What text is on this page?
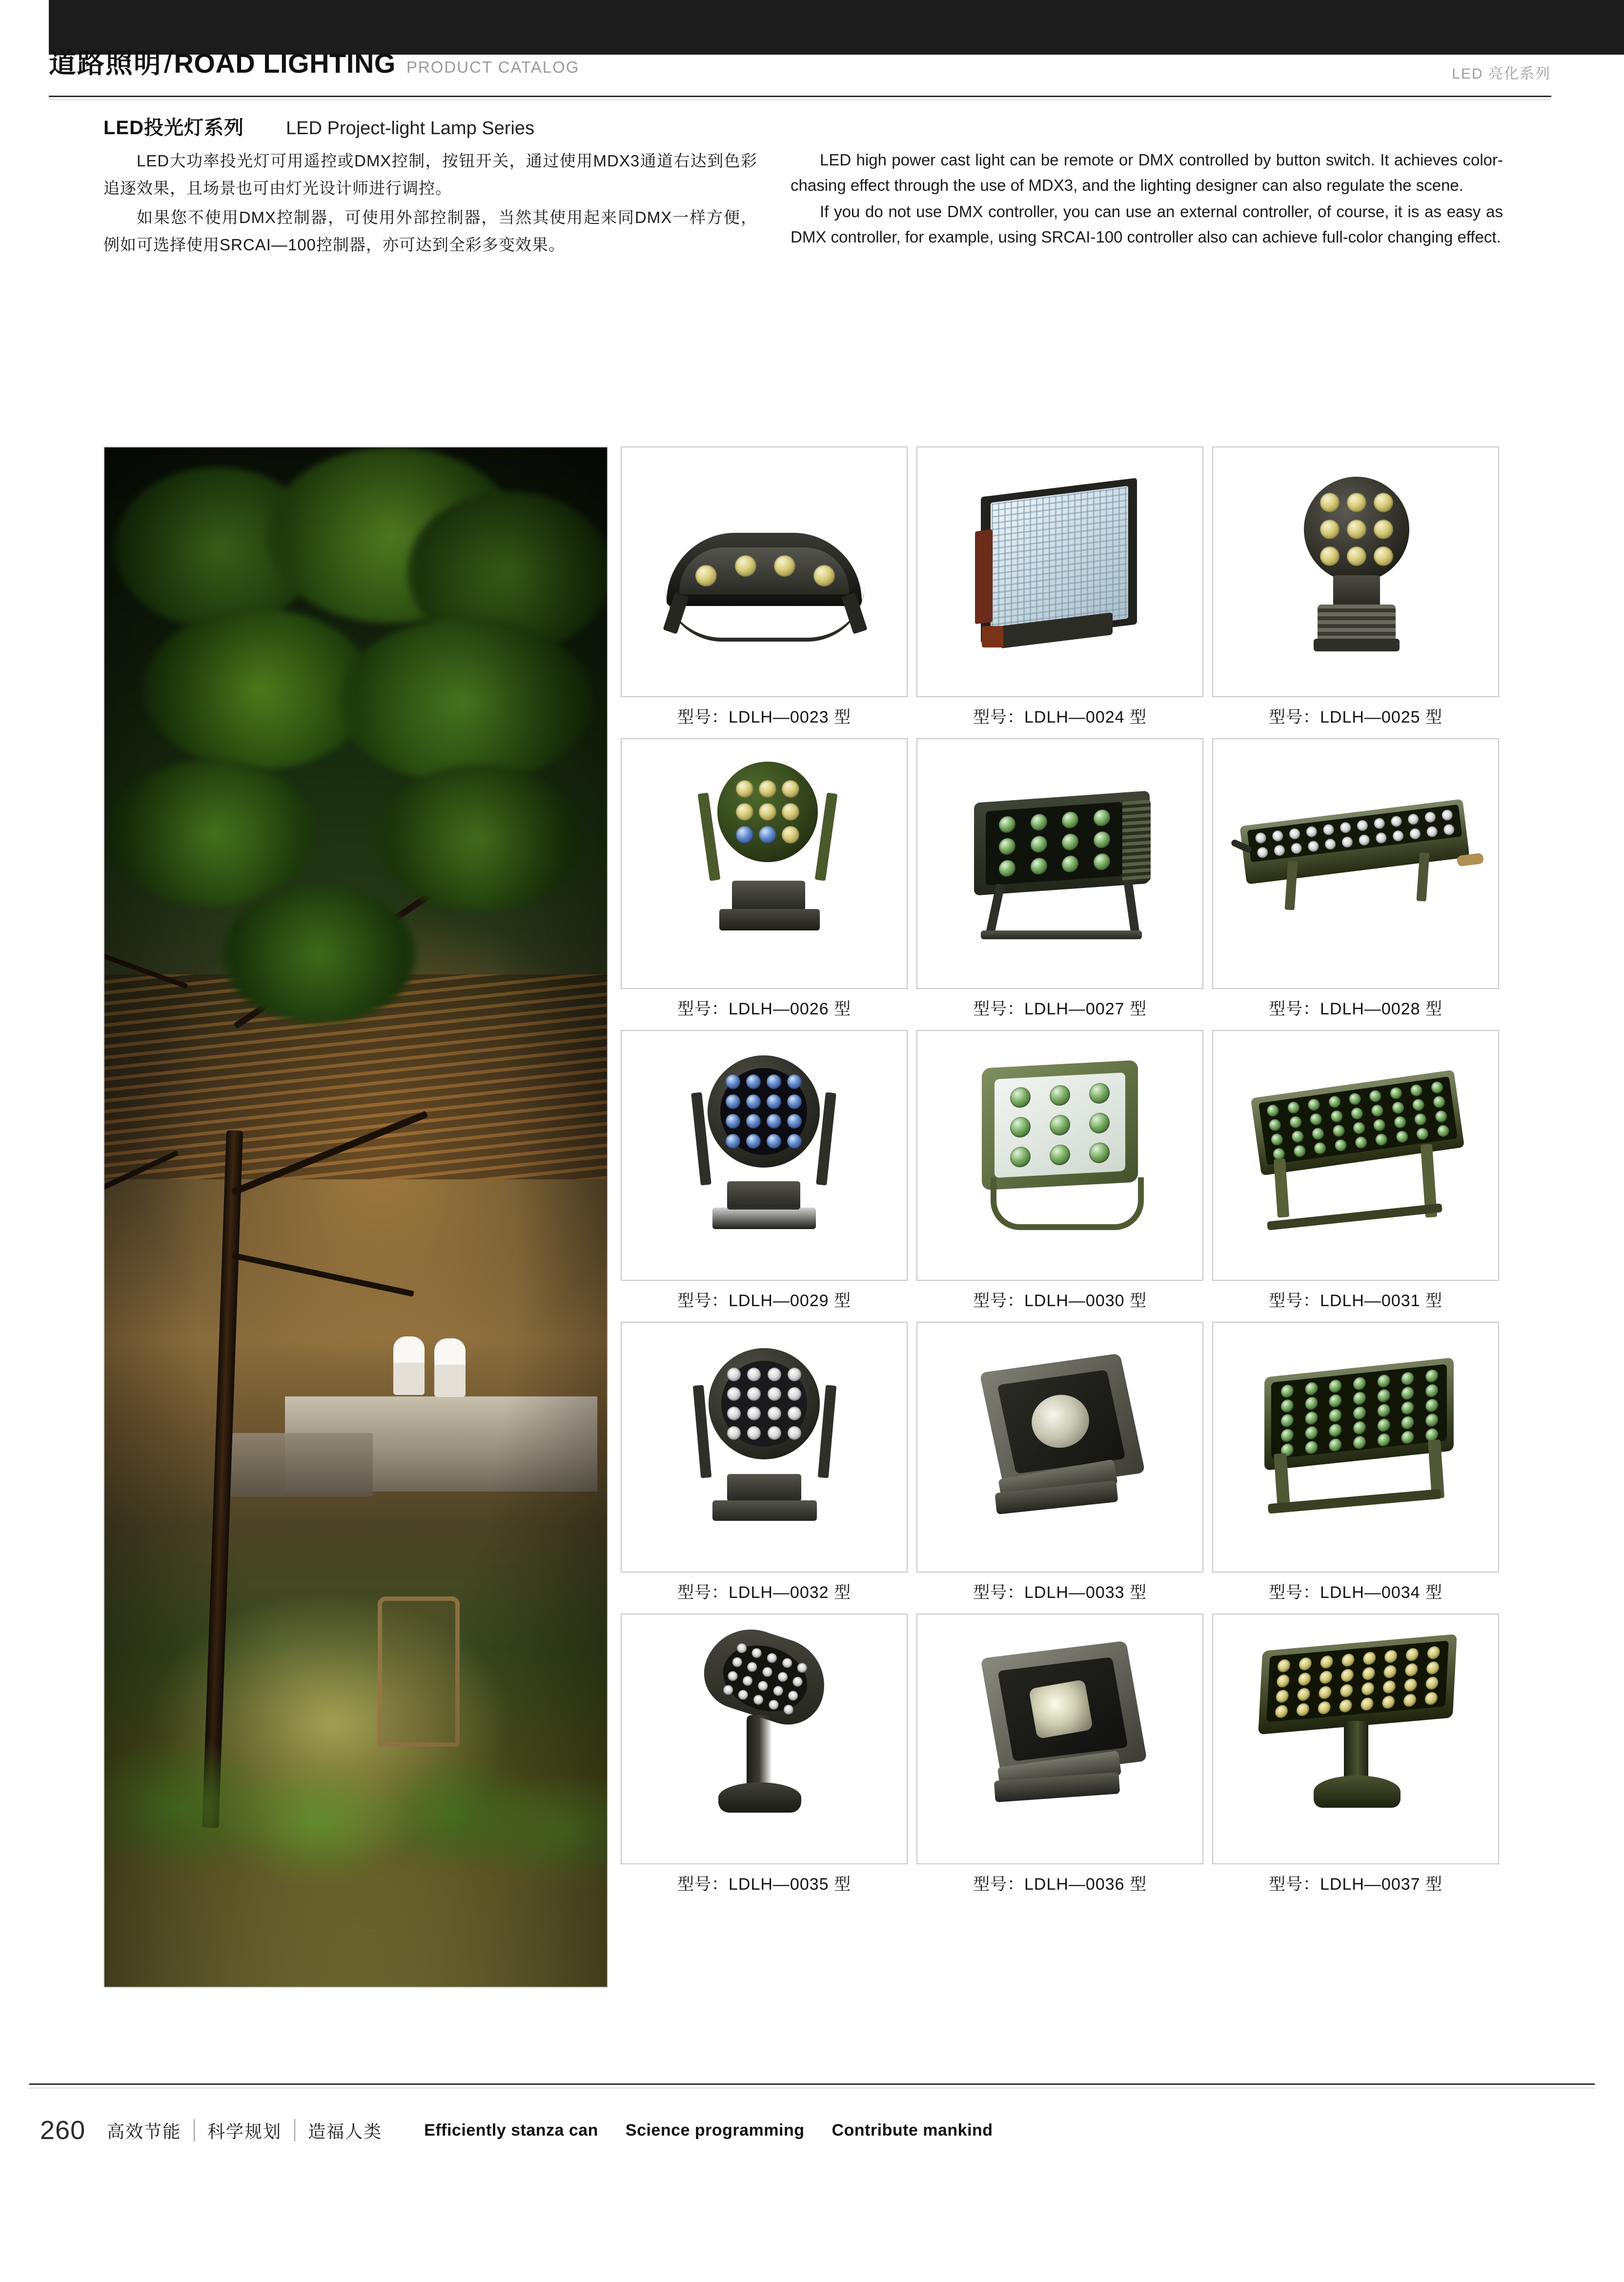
道路照明 / ROAD LIGHTING PRODUCT CATALOG	LED 亮化系列
LED投光灯系列 LED Project-light Lamp Series

LED大功率投光灯可用遥控或DMX控制，按钮开关，通过使用MDX3通道右达到色彩追逐效果，且场景也可由灯光设计师进行调控。

如果您不使用DMX控制器，可使用外部控制器，当然其使用起来同DMX一样方便，例如可选择使用SRCAI—100控制器，亦可达到全彩多变效果。

LED high power cast light can be remote or DMX controlled by button switch. It achieves color-chasing effect through the use of MDX3, and the lighting designer can also regulate the scene.

If you do not use DMX controller, you can use an external controller, of course, it is as easy as DMX controller, for example, using SRCAI-100 controller also can achieve full-color changing effect.

型号：LDLH—0023 型	型号：LDLH—0024 型	型号：LDLH—0025 型
型号：LDLH—0026 型	型号：LDLH—0027 型	型号：LDLH—0028 型
型号：LDLH—0029 型	型号：LDLH—0030 型	型号：LDLH—0031 型
型号：LDLH—0032 型	型号：LDLH—0033 型	型号：LDLH—0034 型
型号：LDLH—0035 型	型号：LDLH—0036 型	型号：LDLH—0037 型
260	高效节能	科学规划	造福人类	Efficiently stanza can Science programming Contribute mankind
